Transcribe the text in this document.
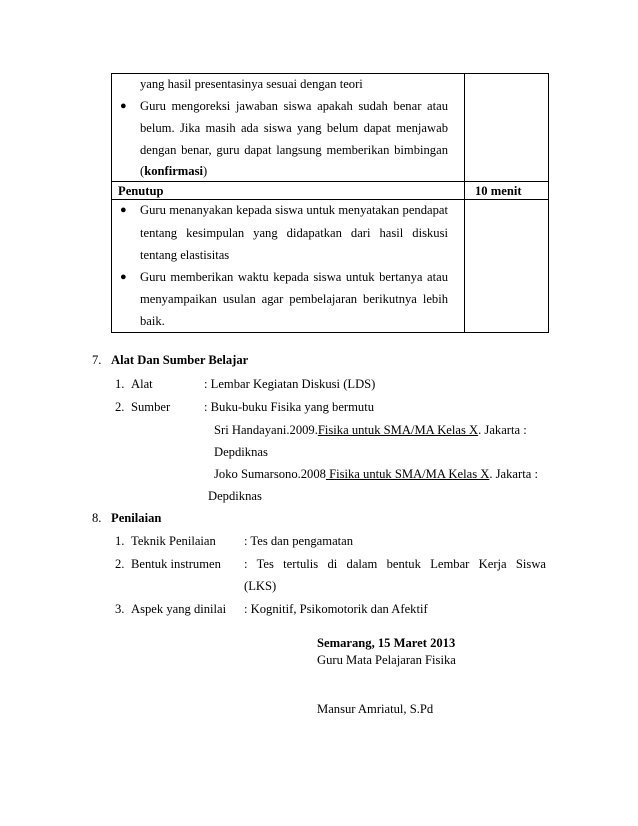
yang hasil presentasinya sesuai dengan teori
● Guru mengoreksi jawaban siswa apakah sudah benar atau
belum. Jika masih ada siswa yang belum dapat menjawab
dengan benar, guru dapat langsung memberikan bimbingan
(konfirmasi)
Penutup	10 menit
● Guru menanyakan kepada siswa untuk menyatakan pendapat
tentang kesimpulan yang didapatkan dari hasil diskusi
tentang elastisitas
● Guru memberikan waktu kepada siswa untuk bertanya atau
menyampaikan usulan agar pembelajaran berikutnya lebih
baik.
7. Alat Dan Sumber Belajar
1. Alat	: Lembar Kegiatan Diskusi (LDS)
2. Sumber	: Buku-buku Fisika yang bermutu
Sri Handayani.2009.Fisika untuk SMA/MA Kelas X. Jakarta :
Depdiknas
Joko Sumarsono.2008 Fisika untuk SMA/MA Kelas X. Jakarta :
Depdiknas
8. Penilaian
1. Teknik Penilaian : Tes dan pengamatan
2. Bentuk instrumen : Tes tertulis di dalam bentuk Lembar Kerja Siswa
(LKS)
3. Aspek yang dinilai : Kognitif, Psikomotorik dan Afektif
Semarang, 15 Maret 2013
Guru Mata Pelajaran Fisika
Mansur Amriatul, S.Pd
